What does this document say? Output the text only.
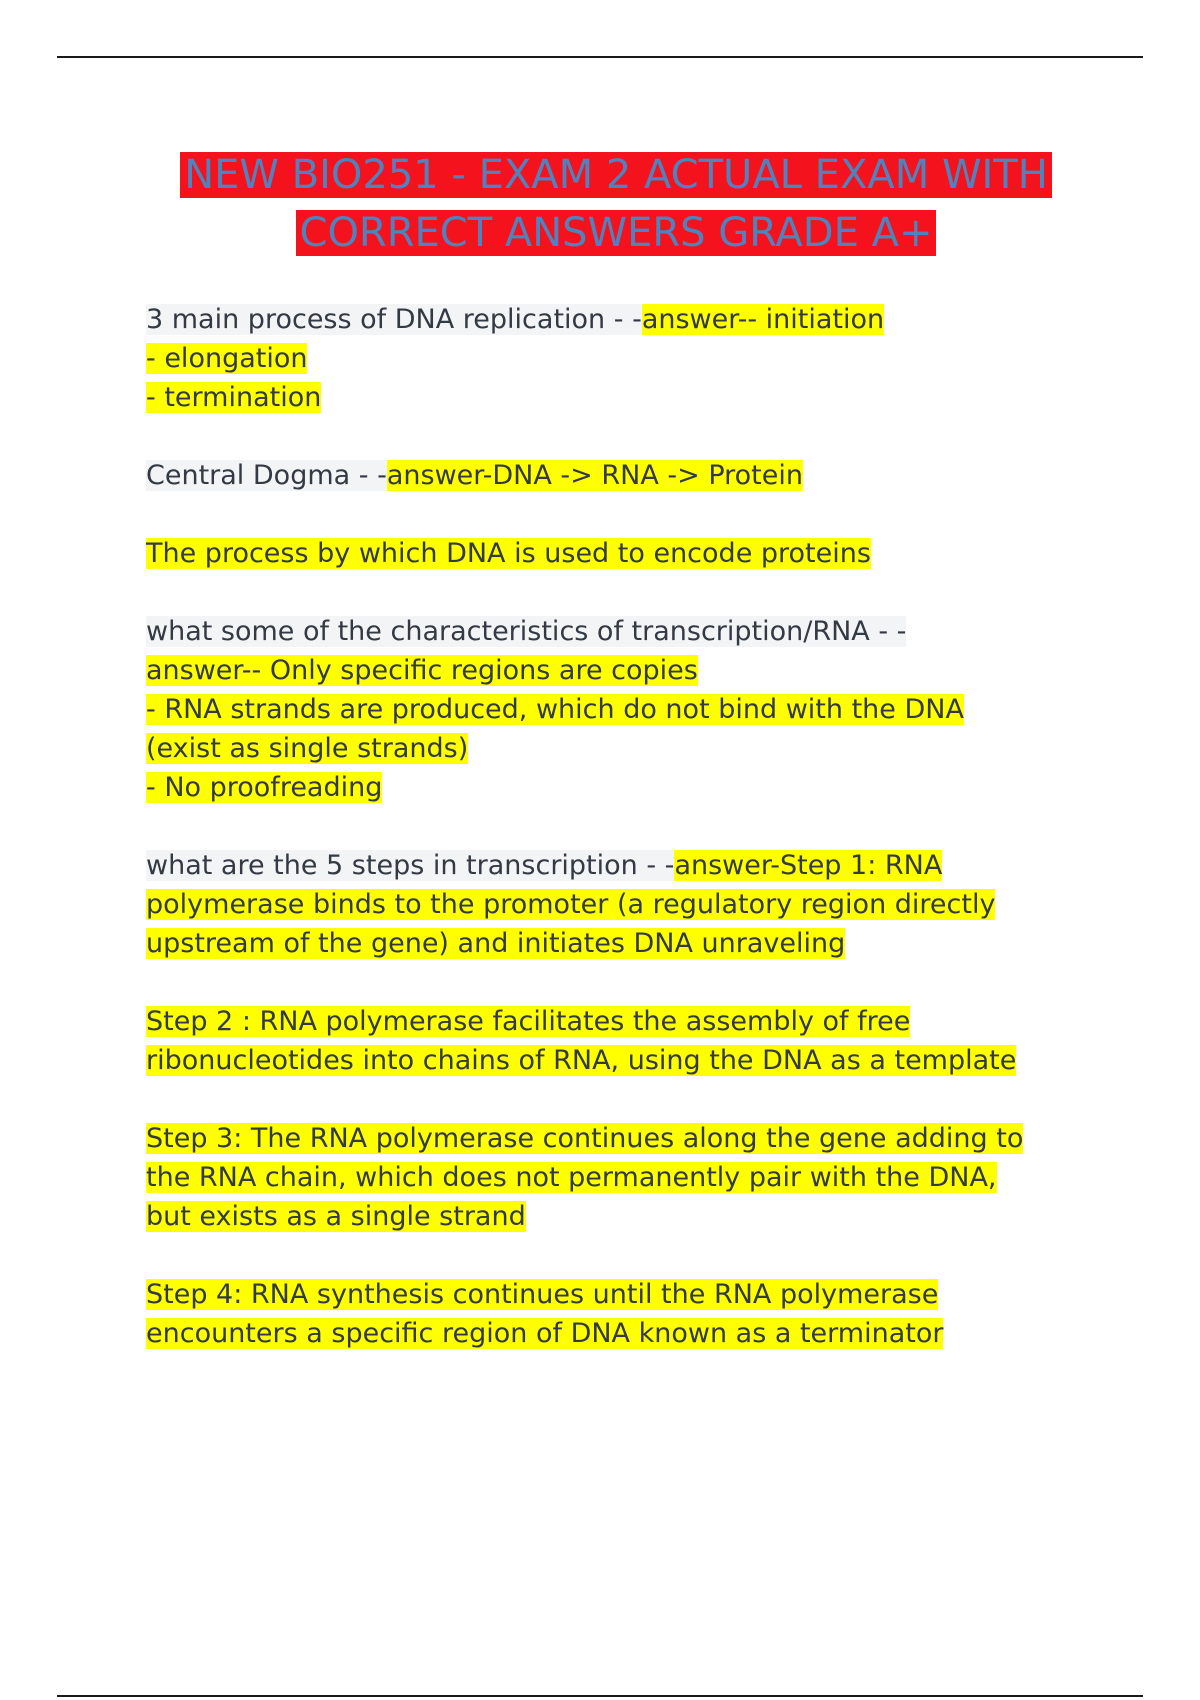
NEW BIO251 - EXAM 2 ACTUAL EXAM WITH
CORRECT ANSWERS GRADE A+
3 main process of DNA replication - -answer-- initiation
- elongation
- termination
Central Dogma - -answer-DNA -> RNA -> Protein
The process by which DNA is used to encode proteins
what some of the characteristics of transcription/RNA - -
answer-- Only specific regions are copies
- RNA strands are produced, which do not bind with the DNA
(exist as single strands)
- No proofreading
what are the 5 steps in transcription - -answer-Step 1: RNA
polymerase binds to the promoter (a regulatory region directly
upstream of the gene) and initiates DNA unraveling
Step 2 : RNA polymerase facilitates the assembly of free
ribonucleotides into chains of RNA, using the DNA as a template
Step 3: The RNA polymerase continues along the gene adding to
the RNA chain, which does not permanently pair with the DNA,
but exists as a single strand
Step 4: RNA synthesis continues until the RNA polymerase
encounters a specific region of DNA known as a terminator
